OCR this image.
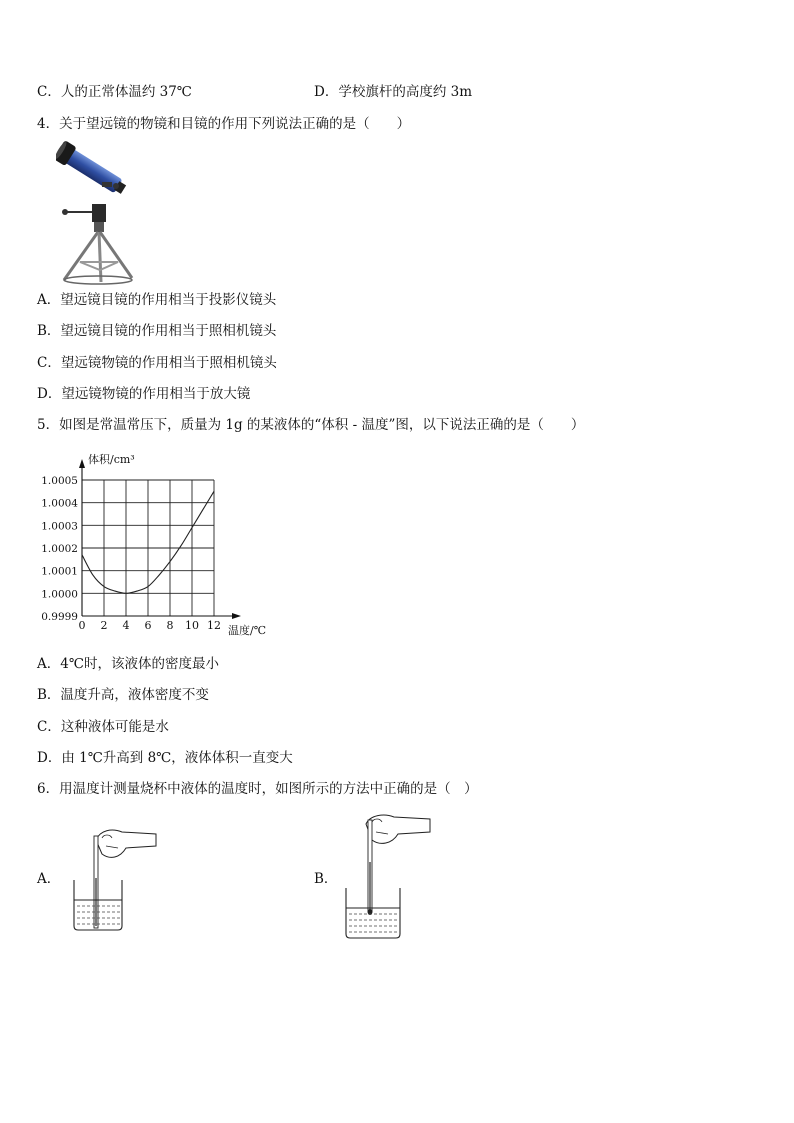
C．人的正常体温约 37℃	D．学校旗杆的高度约 3m
4．关于望远镜的物镜和目镜的作用下列说法正确的是（　　）
A．望远镜目镜的作用相当于投影仪镜头
B．望远镜目镜的作用相当于照相机镜头
C．望远镜物镜的作用相当于照相机镜头
D．望远镜物镜的作用相当于放大镜
5．如图是常温常压下，质量为 1g 的某液体的“体积 - 温度”图，以下说法正确的是（　　）
0.9999
1.0000
1.0001
1.0002
1.0003
1.0004
1.0005
0 2 4 6 8 10 12
体积/cm³
温度/℃
A．4℃时，该液体的密度最小
B．温度升高，液体密度不变
C．这种液体可能是水
D．由 1℃升高到 8℃，液体体积一直变大
6．用温度计测量烧杯中液体的温度时，如图所示的方法中正确的是（　）
A．	B．
